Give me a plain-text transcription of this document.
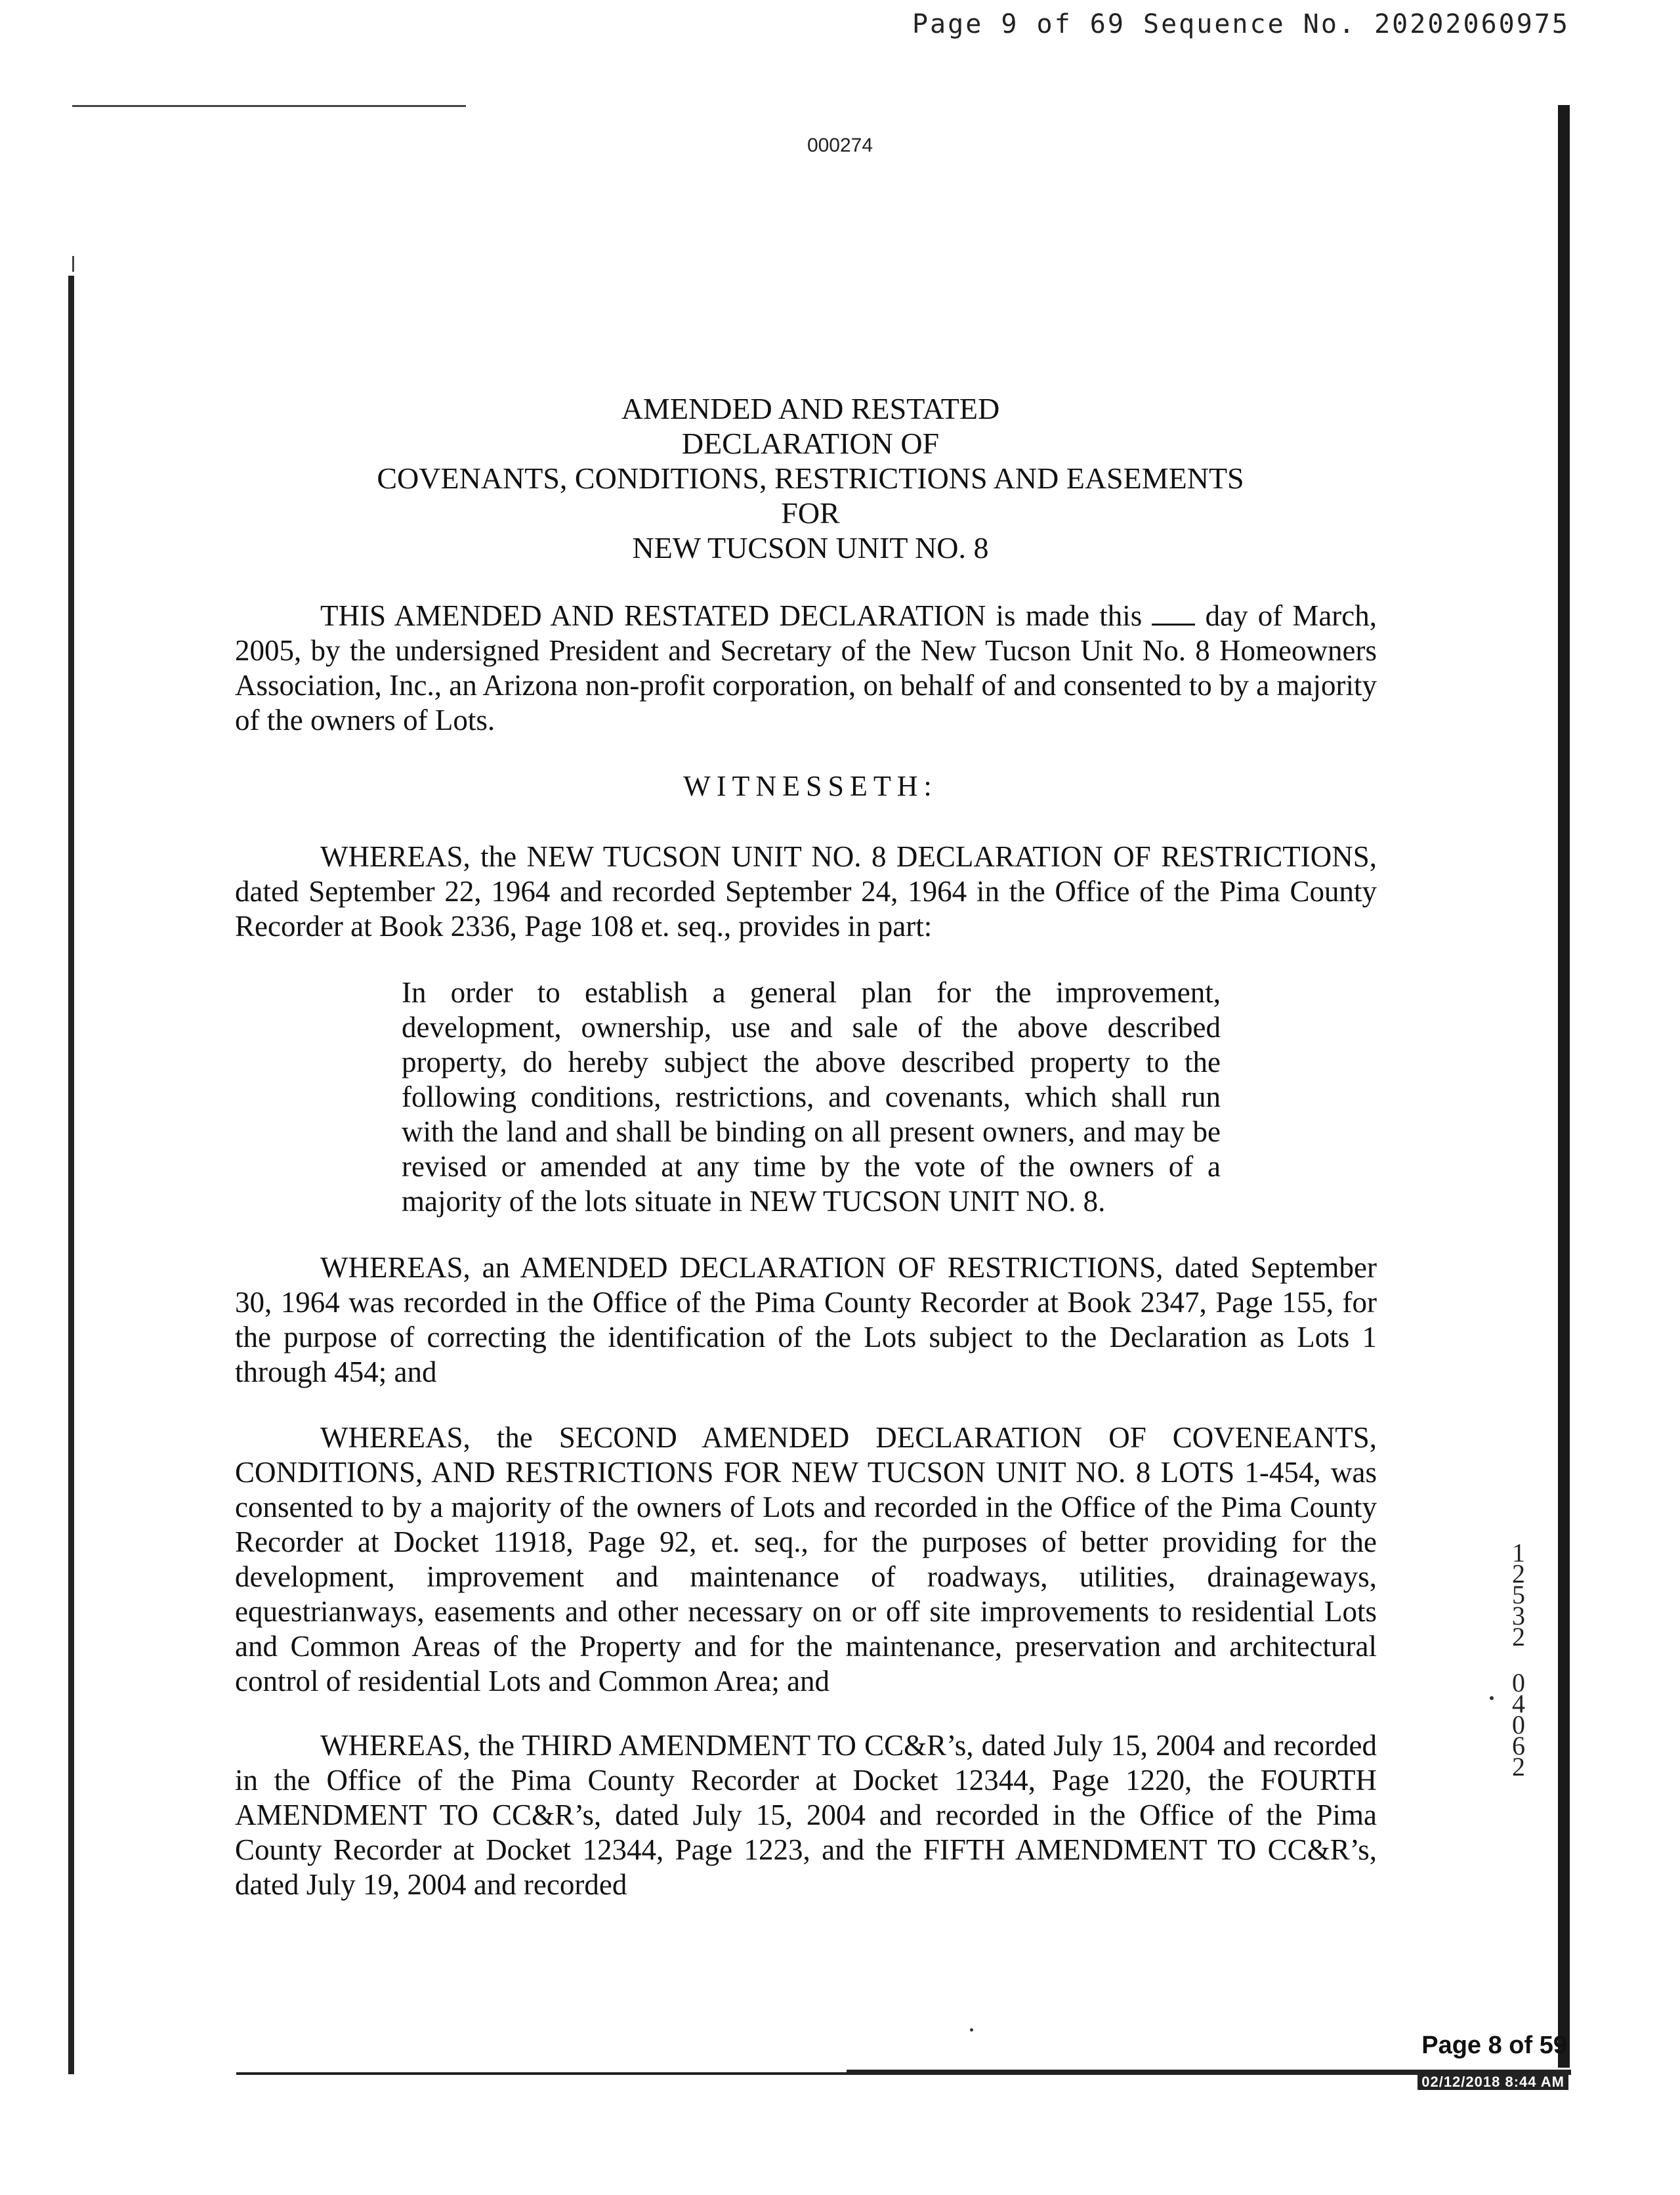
Page 9 of 69 Sequence No. 20202060975
000274
AMENDED AND RESTATED
DECLARATION OF
COVENANTS, CONDITIONS, RESTRICTIONS AND EASEMENTS
FOR
NEW TUCSON UNIT NO. 8
THIS AMENDED AND RESTATED DECLARATION is made this day of March, 2005, by the undersigned President and Secretary of the New Tucson Unit No. 8 Homeowners Association, Inc., an Arizona non-profit corporation, on behalf of and consented to by a majority of the owners of Lots.
WITNESSETH:
WHEREAS, the NEW TUCSON UNIT NO. 8 DECLARATION OF RESTRICTIONS, dated September 22, 1964 and recorded September 24, 1964 in the Office of the Pima County Recorder at Book 2336, Page 108 et. seq., provides in part:
In order to establish a general plan for the improvement, development, ownership, use and sale of the above described property, do hereby subject the above described property to the following conditions, restrictions, and covenants, which shall run with the land and shall be binding on all present owners, and may be revised or amended at any time by the vote of the owners of a majority of the lots situate in NEW TUCSON UNIT NO. 8.
WHEREAS, an AMENDED DECLARATION OF RESTRICTIONS, dated September 30, 1964 was recorded in the Office of the Pima County Recorder at Book 2347, Page 155, for the purpose of correcting the identification of the Lots subject to the Declaration as Lots 1 through 454; and
WHEREAS, the SECOND AMENDED DECLARATION OF COVENEANTS, CONDITIONS, AND RESTRICTIONS FOR NEW TUCSON UNIT NO. 8 LOTS 1-454, was consented to by a majority of the owners of Lots and recorded in the Office of the Pima County Recorder at Docket 11918, Page 92, et. seq., for the purposes of better providing for the development, improvement and maintenance of roadways, utilities, drainageways, equestrianways, easements and other necessary on or off site improvements to residential Lots and Common Areas of the Property and for the maintenance, preservation and architectural control of residential Lots and Common Area; and
WHEREAS, the THIRD AMENDMENT TO CC&R’s, dated July 15, 2004 and recorded in the Office of the Pima County Recorder at Docket 12344, Page 1220, the FOURTH AMENDMENT TO CC&R’s, dated July 15, 2004 and recorded in the Office of the Pima County Recorder at Docket 12344, Page 1223, and the FIFTH AMENDMENT TO CC&R’s, dated July 19, 2004 and recorded
1
2
5
3
2
0
4
0
6
2
Page 8 of 59
02/12/2018 8:44 AM
